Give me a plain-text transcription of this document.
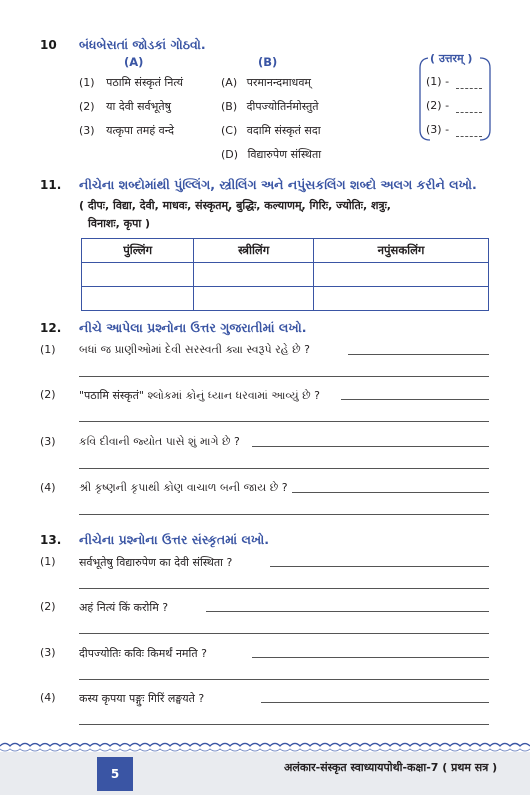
10 બંધબેસતાં જોડકાં ગોઠવો.
(A)	(B)
(1) पठामि संस्कृतं नित्यं
(2) या देवी सर्वभूतेषु
(3) यत्कृपा तमहं वन्दे
(A) परमानन्दमाधवम्
(B) दीपज्योतिर्नमोस्तुते
(C) वदामि संस्कृतं सदा
(D) विद्यारुपेण संस्थिता
( उत्तरम् )
(1) -
(2) -
(3) -
11. નીચેના શબ્દોમાંથી પુંલ્લિંગ, સ્ત્રીલિંગ અને નપુંસકલિંગ શબ્દો અલગ કરીને લખો.
( दीपः, विद्या, देवी, माधवः, संस्कृतम्, बुद्धिः, कल्याणम्, गिरिः, ज्योतिः, शत्रुः,
विनाशः, कृपा )
पुंल्लिंग	स्त्रीलिंग	नपुंसकलिंग

12. નીચે આપેલા પ્રશ્નોના ઉત્તર ગુજરાતીમાં લખો.
(1) બધાં જ પ્રાણીઓમાં દેવી સરસ્વતી ક્યા સ્વરૂપે રહે છે ?
(2) "पठामि संस्कृतं" શ્લોકમાં કોનું ધ્યાન ધરવામાં આવ્યું છે ?
(3) કવિ દીવાની જ્યોત પાસે શું માગે છે ?
(4) શ્રી કૃષ્ણની કૃપાથી કોણ વાચાળ બની જાય છે ?
13. નીચેના પ્રશ્નોના ઉત્તર સંસ્કૃતમાં લખો.
(1) सर्वभूतेषु विद्यारुपेण का देवी संस्थिता ?
(2) अहं नित्यं किं करोमि ?
(3) दीपज्योतिः कविः किमर्थं नमति ?
(4) कस्य कृपया पङ्गुः गिरिं लङ्घयते ?
5	अलंकार-संस्कृत स्वाध्यायपोथी-कक्षा-7 ( प्रथम सत्र )
